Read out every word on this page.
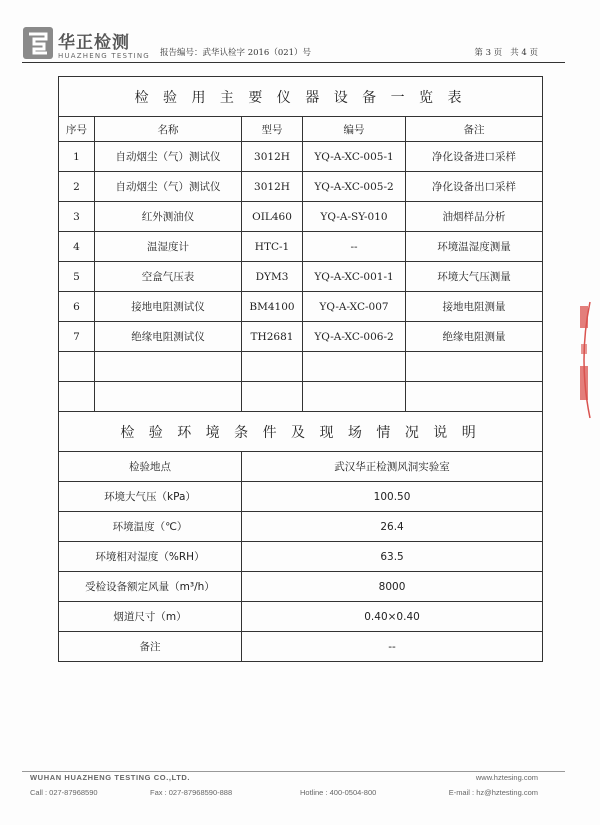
华正检测
HUAZHENG TESTING 报告编号：武华认检字 2016（021）号	第 3 页 共 4 页
检 验 用 主 要 仪 器 设 备 一 览 表				
序号	名称	型号	编号	备注
1	自动烟尘（气）测试仪	3012H	YQ-A-XC-005-1	净化设备进口采样
2	自动烟尘（气）测试仪	3012H	YQ-A-XC-005-2	净化设备出口采样
3	红外测油仪	OIL460	YQ-A-SY-010	油烟样品分析
4	温湿度计	HTC-1	--	环境温湿度测量
5	空盒气压表	DYM3	YQ-A-XC-001-1	环境大气压测量
6	接地电阻测试仪	BM4100	YQ-A-XC-007	接地电阻测量
7	绝缘电阻测试仪	TH2681	YQ-A-XC-006-2	绝缘电阻测量

检 验 环 境 条 件 及 现 场 情 况 说 明				
检验地点		武汉华正检测风洞实验室		
环境大气压（kPa）		100.50		
环境温度（℃）		26.4		
环境相对湿度（%RH）		63.5		
受检设备额定风量（m³/h）		8000		
烟道尺寸（m）		0.40×0.40		
备注		--		
WUHAN HUAZHENG TESTING CO.,LTD.	www.hztesing.com
Call : 027-87968590	Fax : 027-87968590-888	Hotline : 400-0504-800	E-mail : hz@hztesting.com
